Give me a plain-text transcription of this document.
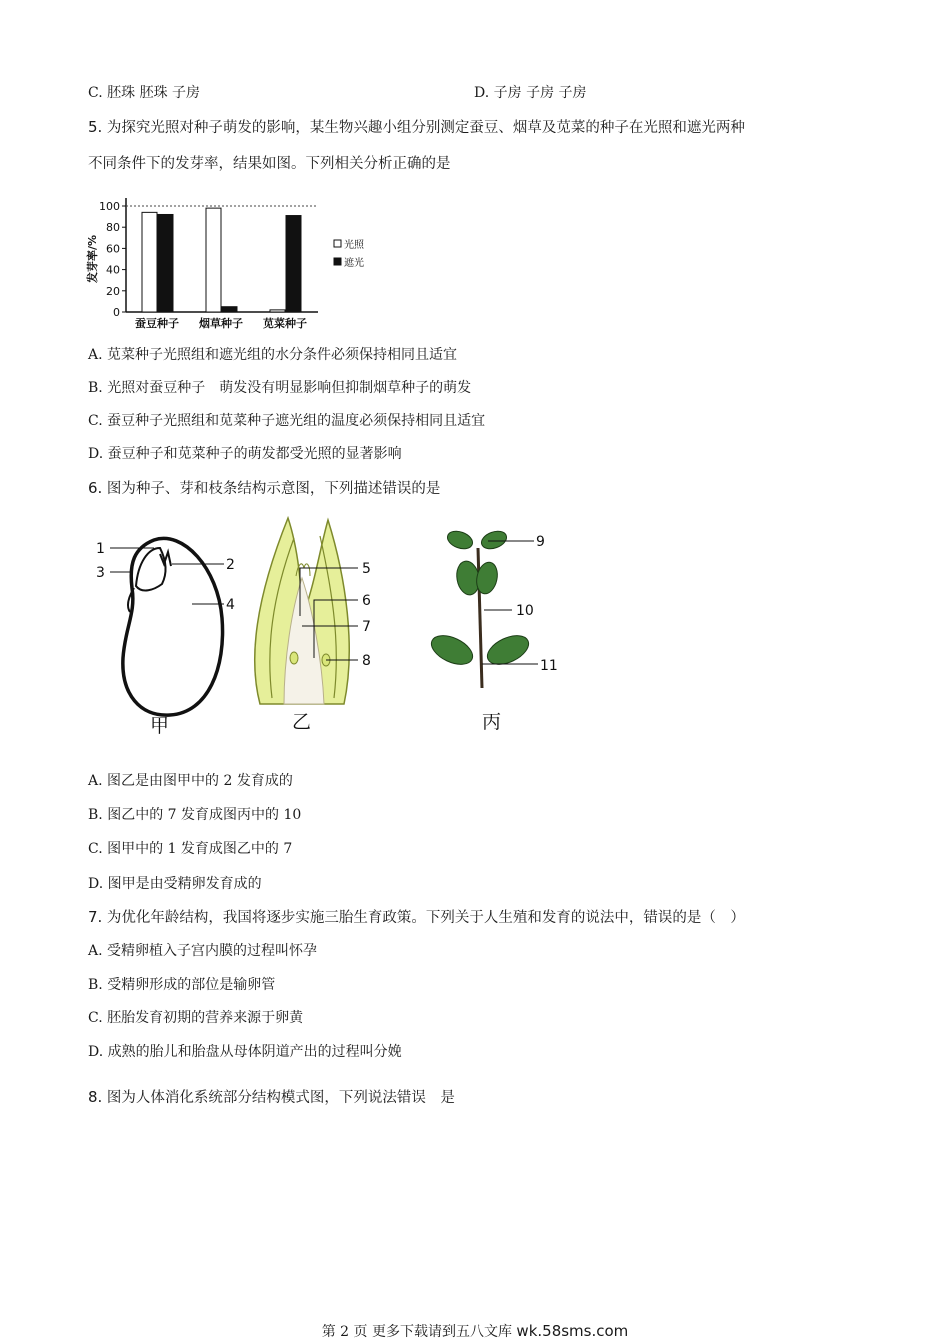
C. 胚珠 胚珠 子房	D. 子房 子房 子房
5. 为探究光照对种子萌发的影响，某生物兴趣小组分别测定蚕豆、烟草及苋菜的种子在光照和遮光两种
不同条件下的发芽率，结果如图。下列相关分析正确的是
0
20
40
60
80
100
发芽率/%
蚕豆种子 烟草种子 苋菜种子
光照
遮光
A. 苋菜种子光照组和遮光组的水分条件必须保持相同且适宜
B. 光照对蚕豆种子　萌发没有明显影响但抑制烟草种子的萌发
C. 蚕豆种子光照组和苋菜种子遮光组的温度必须保持相同且适宜
D. 蚕豆种子和苋菜种子的萌发都受光照的显著影响
6. 图为种子、芽和枝条结构示意图，下列描述错误的是
1
2
3
4
5
6
7
8
9
10
11
甲	乙	丙
A. 图乙是由图甲中的 2 发育成的
B. 图乙中的 7 发育成图丙中的 10
C. 图甲中的 1 发育成图乙中的 7
D. 图甲是由受精卵发育成的
7. 为优化年龄结构，我国将逐步实施三胎生育政策。下列关于人生殖和发育的说法中，错误的是（　）
A. 受精卵植入子宫内膜的过程叫怀孕
B. 受精卵形成的部位是输卵管
C. 胚胎发育初期的营养来源于卵黄
D. 成熟的胎儿和胎盘从母体阴道产出的过程叫分娩
8. 图为人体消化系统部分结构模式图，下列说法错误　是
第 2 页 更多下载请到五八文库 wk.58sms.com
